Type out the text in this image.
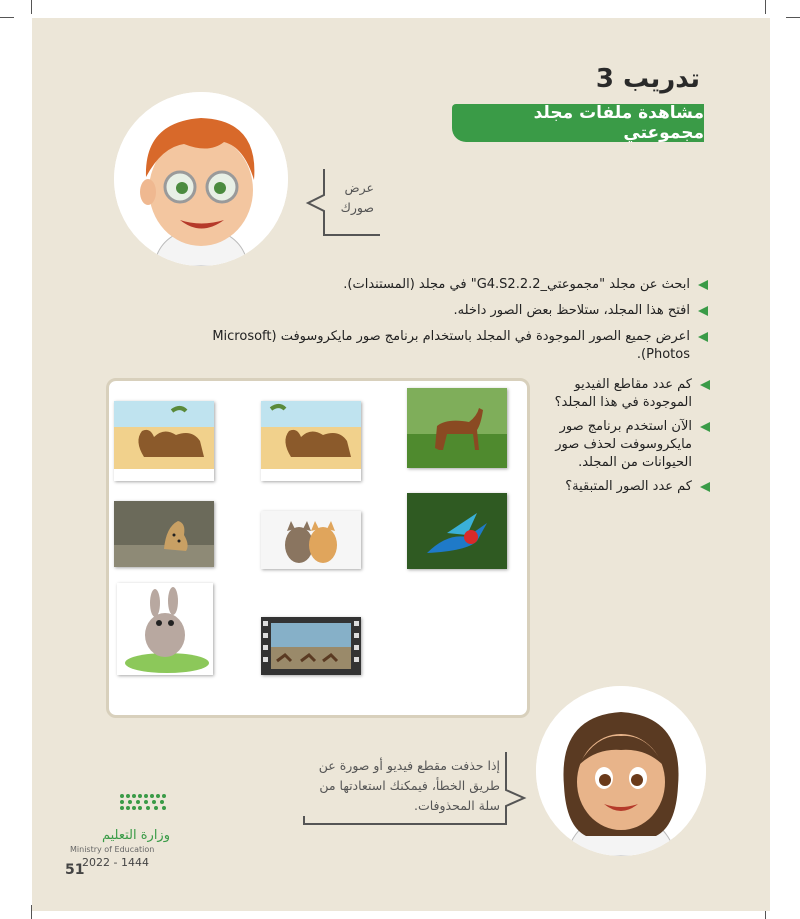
تدريب 3
مشاهدة ملفات مجلد مجموعتي
عرض
صورك
ابحث عن مجلد "مجموعتي_G4.S2.2.2" في مجلد (المستندات).
افتح هذا المجلد، ستلاحظ بعض الصور داخله.
اعرض جميع الصور الموجودة في المجلد باستخدام برنامج صور مايكروسوفت (Microsoft Photos).
كم عدد مقاطع الفيديو الموجودة في هذا المجلد؟
الآن استخدم برنامج صور مايكروسوفت لحذف صور الحيوانات من المجلد.
كم عدد الصور المتبقية؟
إذا حذفت مقطع فيديو أو صورة عن
طريق الخطأ، فيمكنك استعادتها من
سلة المحذوفات.
وزارة التعليم
Ministry of Education
2022 - 1444
51
